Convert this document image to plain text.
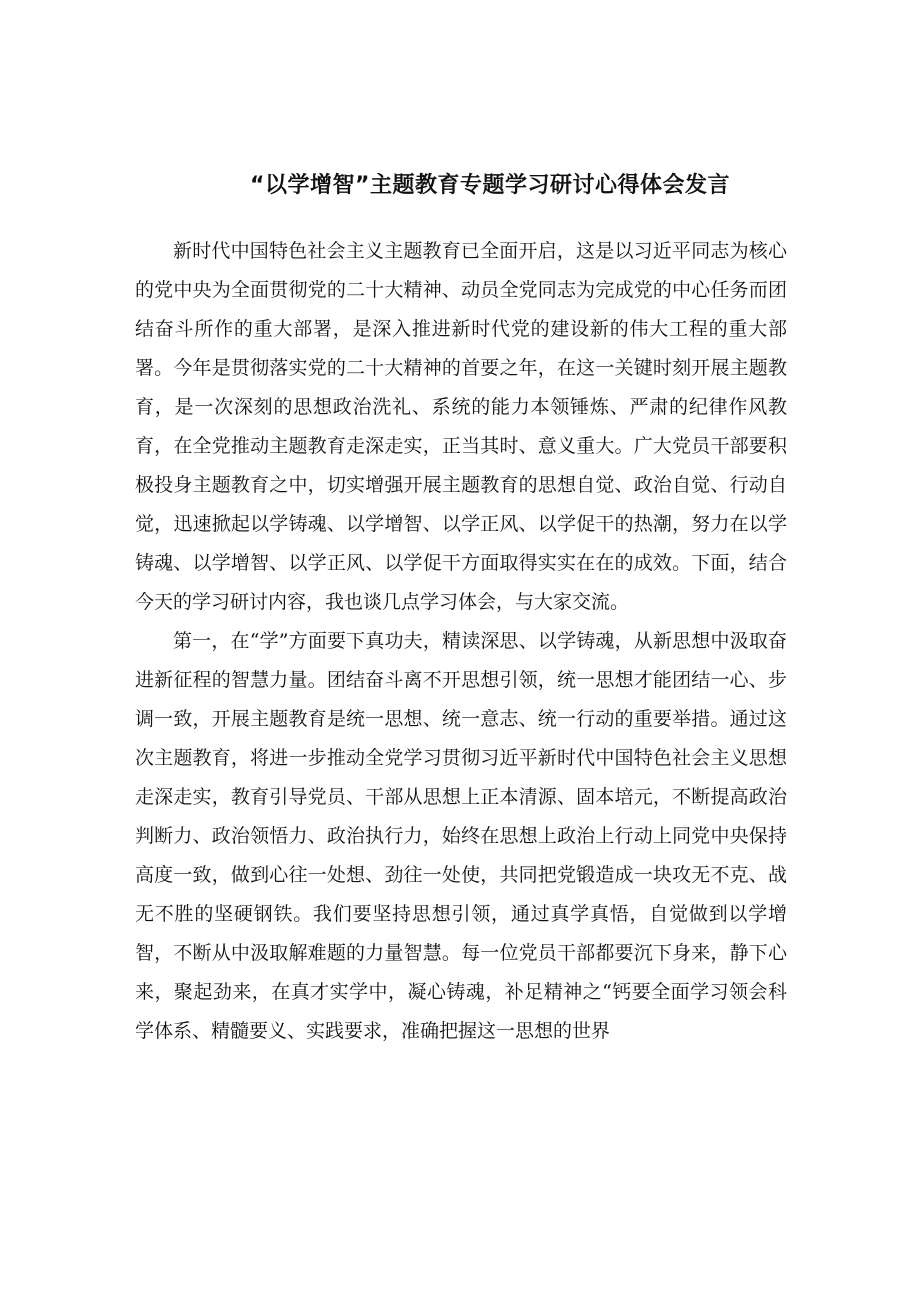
“以学增智”主题教育专题学习研讨心得体会发言

新时代中国特色社会主义主题教育已全面开启，这是以习近平同志为核心的党中央为全面贯彻党的二十大精神、动员全党同志为完成党的中心任务而团结奋斗所作的重大部署，是深入推进新时代党的建设新的伟大工程的重大部署。今年是贯彻落实党的二十大精神的首要之年，在这一关键时刻开展主题教育，是一次深刻的思想政治洗礼、系统的能力本领锤炼、严肃的纪律作风教育，在全党推动主题教育走深走实，正当其时、意义重大。广大党员干部要积极投身主题教育之中，切实增强开展主题教育的思想自觉、政治自觉、行动自觉，迅速掀起以学铸魂、以学增智、以学正风、以学促干的热潮，努力在以学铸魂、以学增智、以学正风、以学促干方面取得实实在在的成效。下面，结合今天的学习研讨内容，我也谈几点学习体会，与大家交流。

第一，在“学”方面要下真功夫，精读深思、以学铸魂，从新思想中汲取奋进新征程的智慧力量。团结奋斗离不开思想引领，统一思想才能团结一心、步调一致，开展主题教育是统一思想、统一意志、统一行动的重要举措。通过这次主题教育，将进一步推动全党学习贯彻习近平新时代中国特色社会主义思想走深走实，教育引导党员、干部从思想上正本清源、固本培元，不断提高政治判断力、政治领悟力、政治执行力，始终在思想上政治上行动上同党中央保持高度一致，做到心往一处想、劲往一处使，共同把党锻造成一块攻无不克、战无不胜的坚硬钢铁。我们要坚持思想引领，通过真学真悟，自觉做到以学增智，不断从中汲取解难题的力量智慧。每一位党员干部都要沉下身来，静下心来，聚起劲来，在真才实学中，凝心铸魂，补足精神之“钙要全面学习领会科学体系、精髓要义、实践要求，准确把握这一思想的世界
